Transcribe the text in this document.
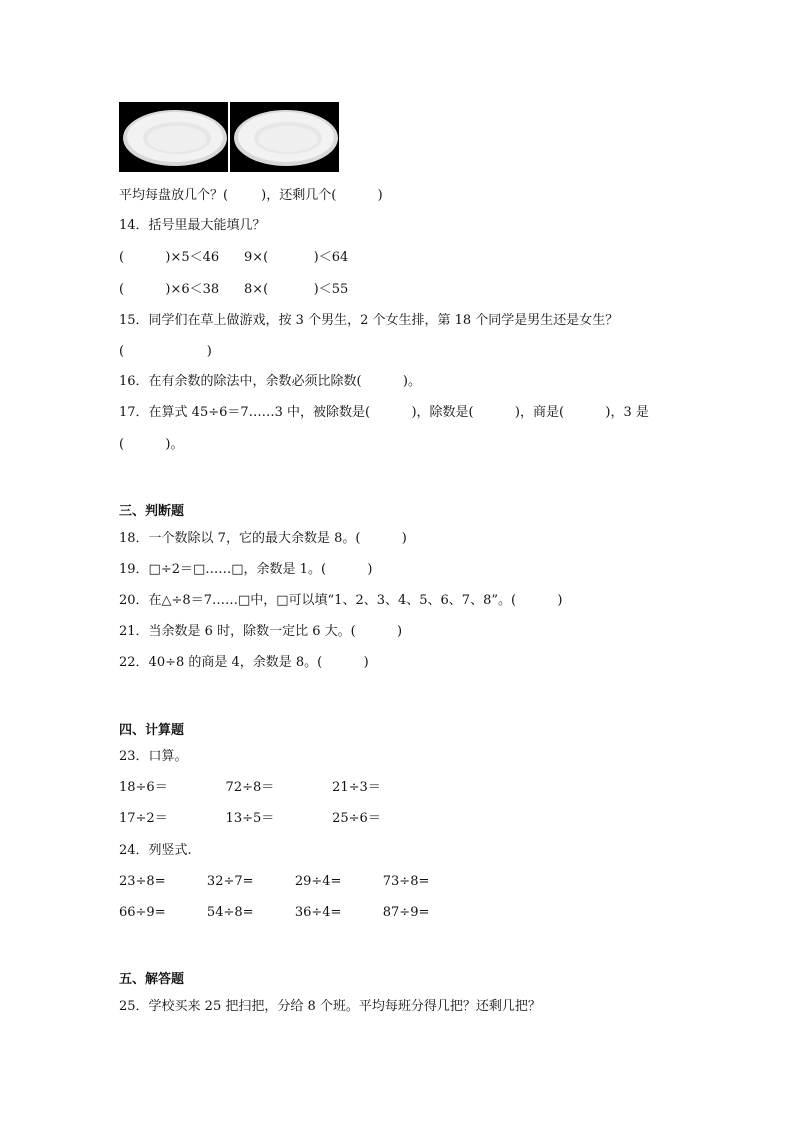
平均每盘放几个？(        )，还剩几个(          )
14．括号里最大能填几？
(          )×5＜46      9×(           )＜64
(          )×6＜38      8×(           )＜55
15．同学们在草上做游戏，按 3 个男生，2 个女生排，第 18 个同学是男生还是女生？
(                    )
16．在有余数的除法中，余数必须比除数(          )。
17．在算式 45÷6＝7……3 中，被除数是(          )，除数是(          )，商是(          )，3 是
(          )。
三、判断题
18．一个数除以 7，它的最大余数是 8。(          )
19．□÷2＝□……□，余数是 1。(          )
20．在△÷8＝7……□中，□可以填“1、2、3、4、5、6、7、8”。(          )
21．当余数是 6 时，除数一定比 6 大。(          )
22．40÷8 的商是 4，余数是 8。(          )
四、计算题
23．口算。
18÷6＝              72÷8＝              21÷3＝
17÷2＝              13÷5＝              25÷6＝
24．列竖式.
23÷8=          32÷7=          29÷4=          73÷8=
66÷9=          54÷8=          36÷4=          87÷9=
五、解答题
25．学校买来 25 把扫把，分给 8 个班。平均每班分得几把？还剩几把？
